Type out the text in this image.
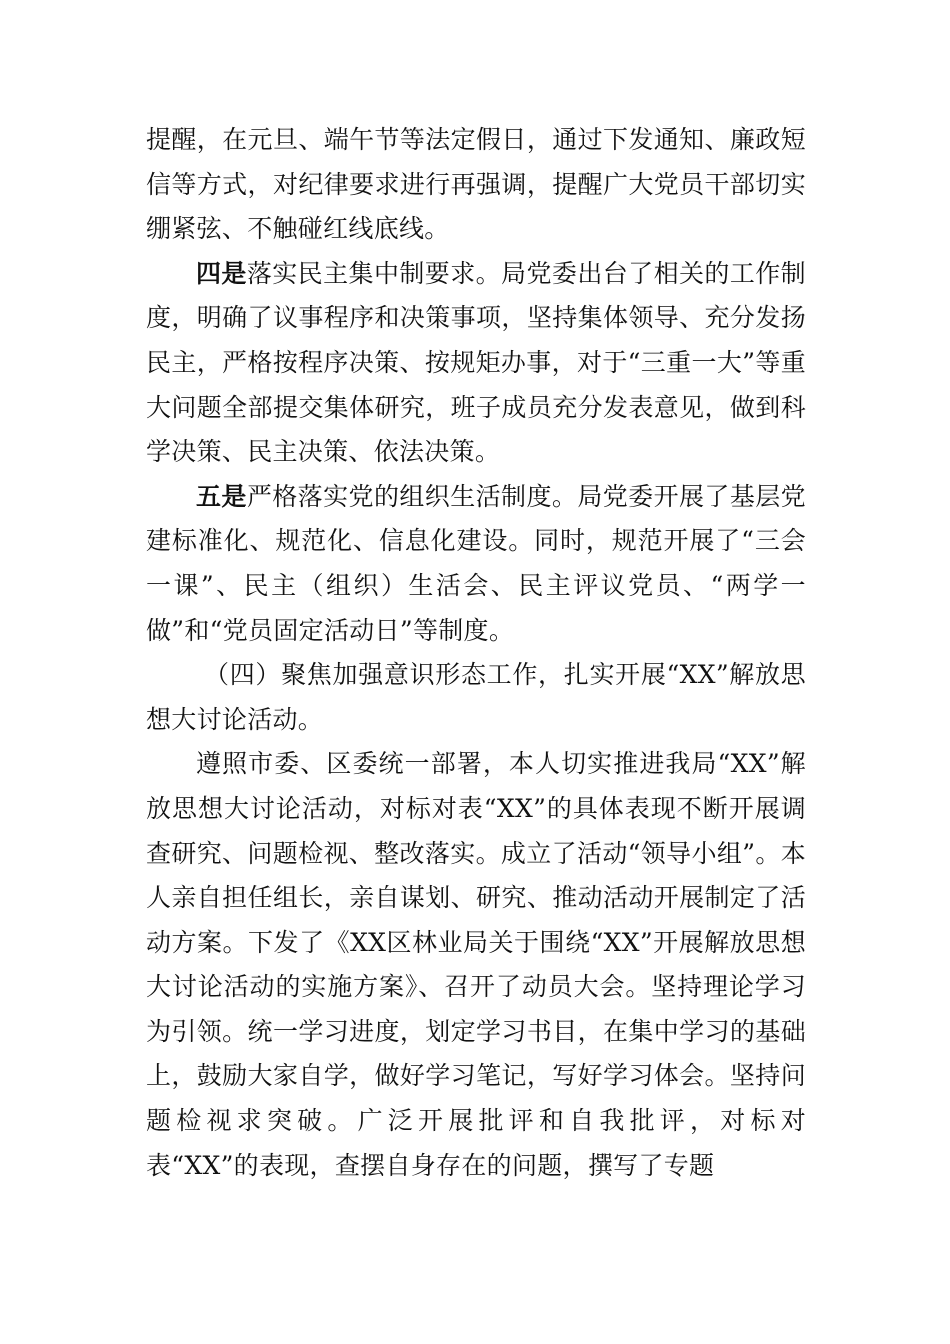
提醒，在元旦、端午节等法定假日，通过下发通知、廉政短信等方式，对纪律要求进行再强调，提醒广大党员干部切实绷紧弦、不触碰红线底线。

四是落实民主集中制要求。局党委出台了相关的工作制度，明确了议事程序和决策事项，坚持集体领导、充分发扬民主，严格按程序决策、按规矩办事，对于“三重一大”等重大问题全部提交集体研究，班子成员充分发表意见，做到科学决策、民主决策、依法决策。

五是严格落实党的组织生活制度。局党委开展了基层党建标准化、规范化、信息化建设。同时，规范开展了“三会一课”、民主（组织）生活会、民主评议党员、“两学一做”和“党员固定活动日”等制度。

（四）聚焦加强意识形态工作，扎实开展“XX”解放思想大讨论活动。

遵照市委、区委统一部署，本人切实推进我局“XX”解放思想大讨论活动，对标对表“XX”的具体表现不断开展调查研究、问题检视、整改落实。成立了活动“领导小组”。本人亲自担任组长，亲自谋划、研究、推动活动开展制定了活动方案。下发了《XX区林业局关于围绕“XX”开展解放思想大讨论活动的实施方案》、召开了动员大会。坚持理论学习为引领。统一学习进度，划定学习书目，在集中学习的基础上，鼓励大家自学，做好学习笔记，写好学习体会。坚持问题检视求突破。广泛开展批评和自我批评，对标对表“XX”的表现，查摆自身存在的问题，撰写了专题
